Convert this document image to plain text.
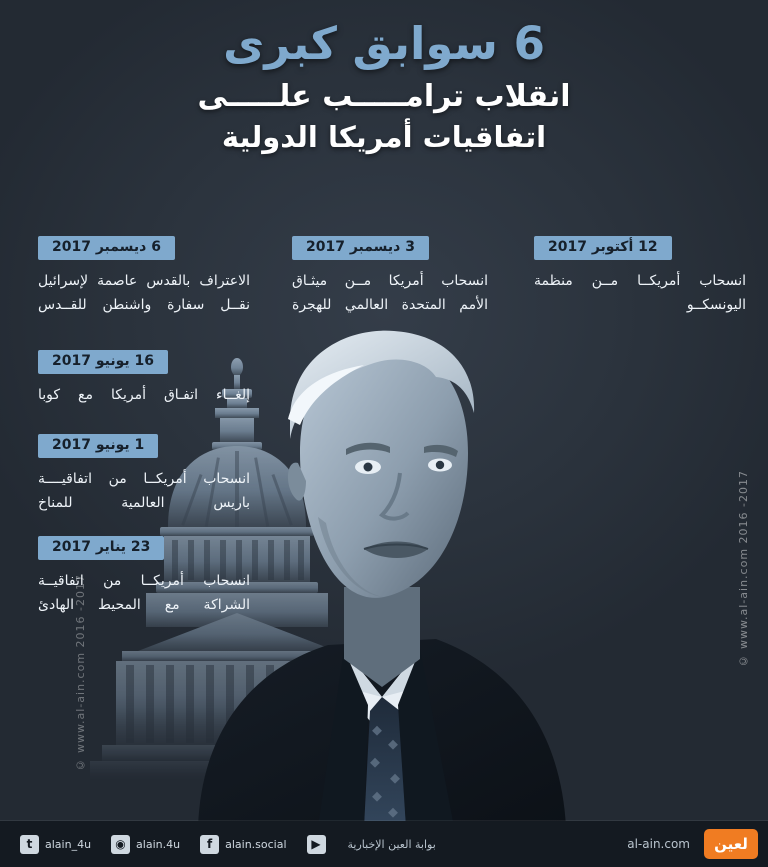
6 سوابق كبرى
انقلاب ترامـــــب علـــــى
اتفاقيات أمريكا الدولية
© www.al-ain.com 2016 -2017
© www.al-ain.com 2016 -2017
12 أكتوبر 2017
انسحاب أمريكــا مــن منظمة
اليونسكــو
3 ديسمبر 2017
انسحاب أمريكا مــن ميثـاق
الأمم المتحدة العالمي للهجرة
6 ديسمبر 2017
الاعتراف بالقدس عاصمة لإسرائيل
نقــل سفارة واشنطن للقــدس
16 يونيو 2017
إلغــاء اتفـاق أمريكا مع كوبا
1 يونيو 2017
انسحاب أمريكــا من اتفاقيــــة
باريس العالمية للمناخ
23 يناير 2017
انسحاب أمريكــا من اتفاقيــة
الشراكة مع المحيط الهادئ
t	alain_4u	◉ alain.4u	f	alain.social	▶	بوابة العين الإخبارية	al-ain.com	لعين
